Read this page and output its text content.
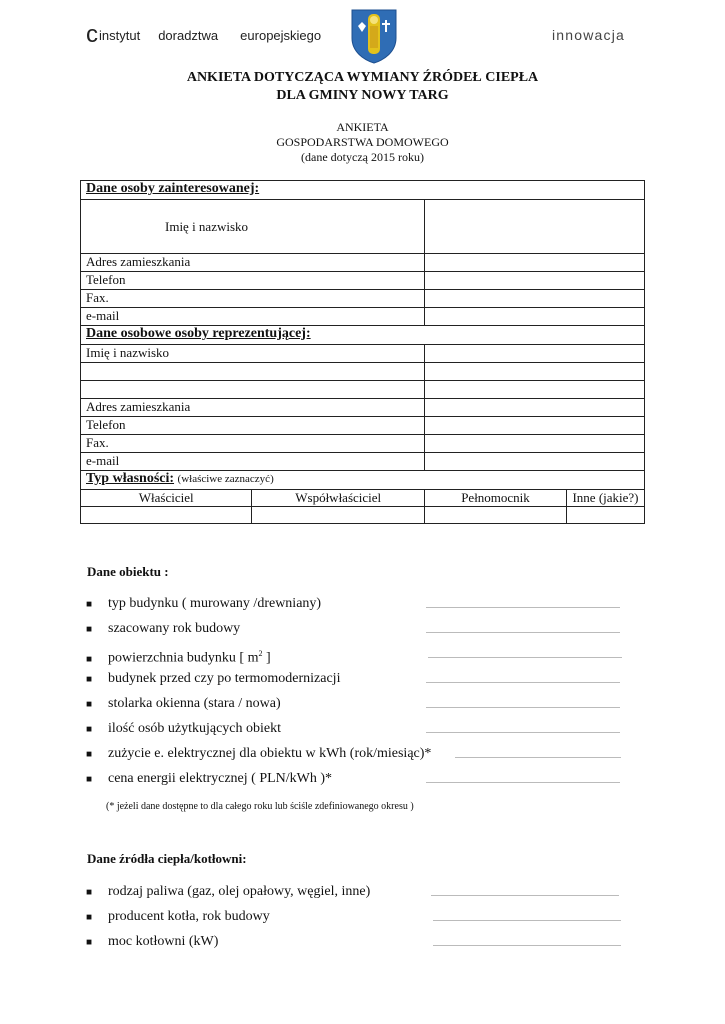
c instytut doradztwa europejskiego	innowacja
ANKIETA DOTYCZĄCA WYMIANY ŹRÓDEŁ CIEPŁA
DLA GMINY NOWY TARG
ANKIETA
GOSPODARSTWA DOMOWEGO
(dane dotyczą 2015 roku)
Dane osoby zainteresowanej:			
Imię i nazwisko			
Adres zamieszkania			
Telefon			
Fax.			
e-mail			
Dane osobowe osoby reprezentującej:			
Imię i nazwisko			

Adres zamieszkania			
Telefon			
Fax.			
e-mail			
Typ własności: (właściwe zaznaczyć)			
Właściciel	Współwłaściciel	Pełnomocnik	Inne (jakie?)

Dane obiektu :
■ typ budynku ( murowany /drewniany)
■ szacowany rok budowy
■ powierzchnia budynku [ $m^2$ ]
■ budynek przed czy po termomodernizacji
■ stolarka okienna (stara / nowa)
■ ilość osób użytkujących obiekt
■ zużycie e. elektrycznej dla obiektu w kWh (rok/miesiąc)*
■ cena energii elektrycznej ( PLN/kWh )*
(* jeżeli dane dostępne to dla całego roku lub ściśle zdefiniowanego okresu )
Dane źródła ciepła/kotłowni:
■ rodzaj paliwa (gaz, olej opałowy, węgiel, inne)
■ producent kotła, rok budowy
■ moc kotłowni (kW)
